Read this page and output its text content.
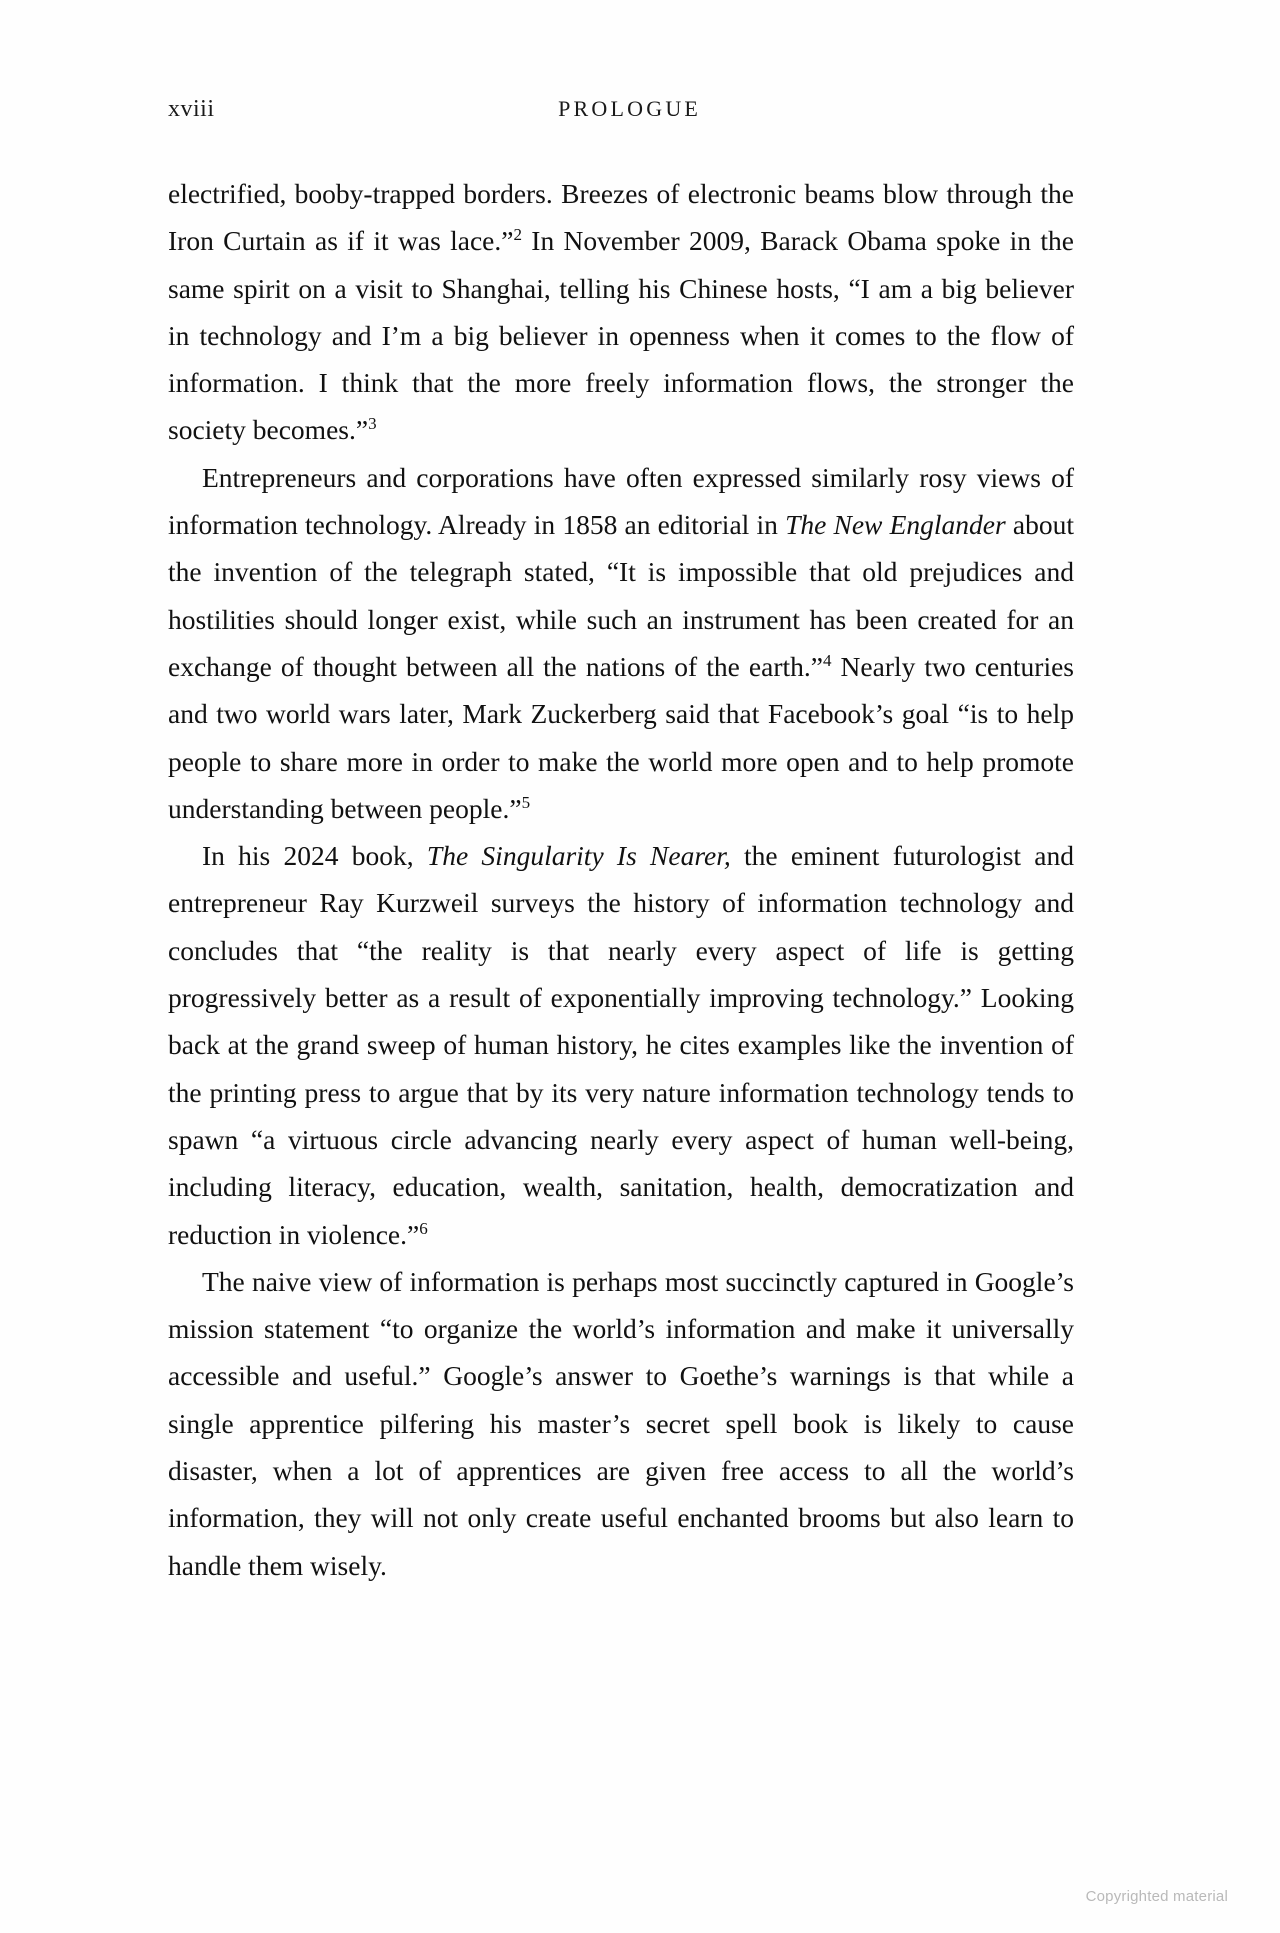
xviii	PROLOGUE

electrified, booby-trapped borders. Breezes of electronic beams blow through the Iron Curtain as if it was lace.”$^2$ In November 2009, Barack Obama spoke in the same spirit on a visit to Shanghai, telling his Chinese hosts, “I am a big believer in technology and I’m a big believer in openness when it comes to the flow of information. I think that the more freely information flows, the stronger the society becomes.”$^3$

Entrepreneurs and corporations have often expressed similarly rosy views of information technology. Already in 1858 an editorial in The New Englander about the invention of the telegraph stated, “It is impossible that old prejudices and hostilities should longer exist, while such an instrument has been created for an exchange of thought between all the nations of the earth.”$^4$ Nearly two centuries and two world wars later, Mark Zuckerberg said that Facebook’s goal “is to help people to share more in order to make the world more open and to help promote understanding between people.”$^5$

In his 2024 book, The Singularity Is Nearer, the eminent futurologist and entrepreneur Ray Kurzweil surveys the history of information technology and concludes that “the reality is that nearly every aspect of life is getting progressively better as a result of exponentially improving technology.” Looking back at the grand sweep of human history, he cites examples like the invention of the printing press to argue that by its very nature information technology tends to spawn “a virtuous circle advancing nearly every aspect of human well-being, including literacy, education, wealth, sanitation, health, democratization and reduction in violence.”$^6$

The naive view of information is perhaps most succinctly captured in Google’s mission statement “to organize the world’s information and make it universally accessible and useful.” Google’s answer to Goethe’s warnings is that while a single apprentice pilfering his master’s secret spell book is likely to cause disaster, when a lot of apprentices are given free access to all the world’s information, they will not only create useful enchanted brooms but also learn to handle them wisely.

Copyrighted material
